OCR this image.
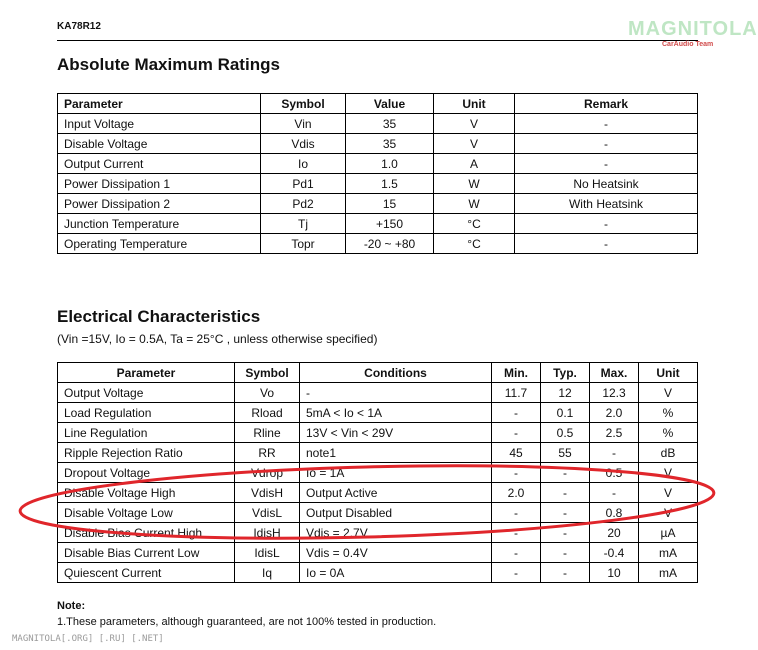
KA78R12	MAGNITOLA
CarAudio Team
Absolute Maximum Ratings
Parameter	Symbol	Value	Unit	Remark
Input Voltage	Vin	35	V	-
Disable Voltage	Vdis	35	V	-
Output Current	Io	1.0	A	-
Power Dissipation 1	Pd1	1.5	W	No Heatsink
Power Dissipation 2	Pd2	15	W	With Heatsink
Junction Temperature	Tj	+150	°C	-
Operating Temperature	Topr	-20 ~ +80	°C	-
Electrical Characteristics
(Vin =15V, Io = 0.5A, Ta = 25°C , unless otherwise specified)
Parameter	Symbol	Conditions	Min.	Typ.	Max.	Unit
Output Voltage	Vo	-	11.7	12	12.3	V
Load Regulation	Rload	5mA < Io < 1A	-	0.1	2.0	%
Line Regulation	Rline	13V < Vin < 29V	-	0.5	2.5	%
Ripple Rejection Ratio	RR	note1	45	55	-	dB
Dropout Voltage	Vdrop	Io = 1A	-	-	0.5	V
Disable Voltage High	VdisH	Output Active	2.0	-	-	V
Disable Voltage Low	VdisL	Output Disabled	-	-	0.8	V
Disable Bias Current High	IdisH	Vdis = 2.7V	-	-	20	µA
Disable Bias Current Low	IdisL	Vdis = 0.4V	-	-	-0.4	mA
Quiescent Current	Iq	Io = 0A	-	-	10	mA
Note:
1.These parameters, although guaranteed, are not 100% tested in production.
MAGNITOLA[.ORG] [.RU] [.NET]
